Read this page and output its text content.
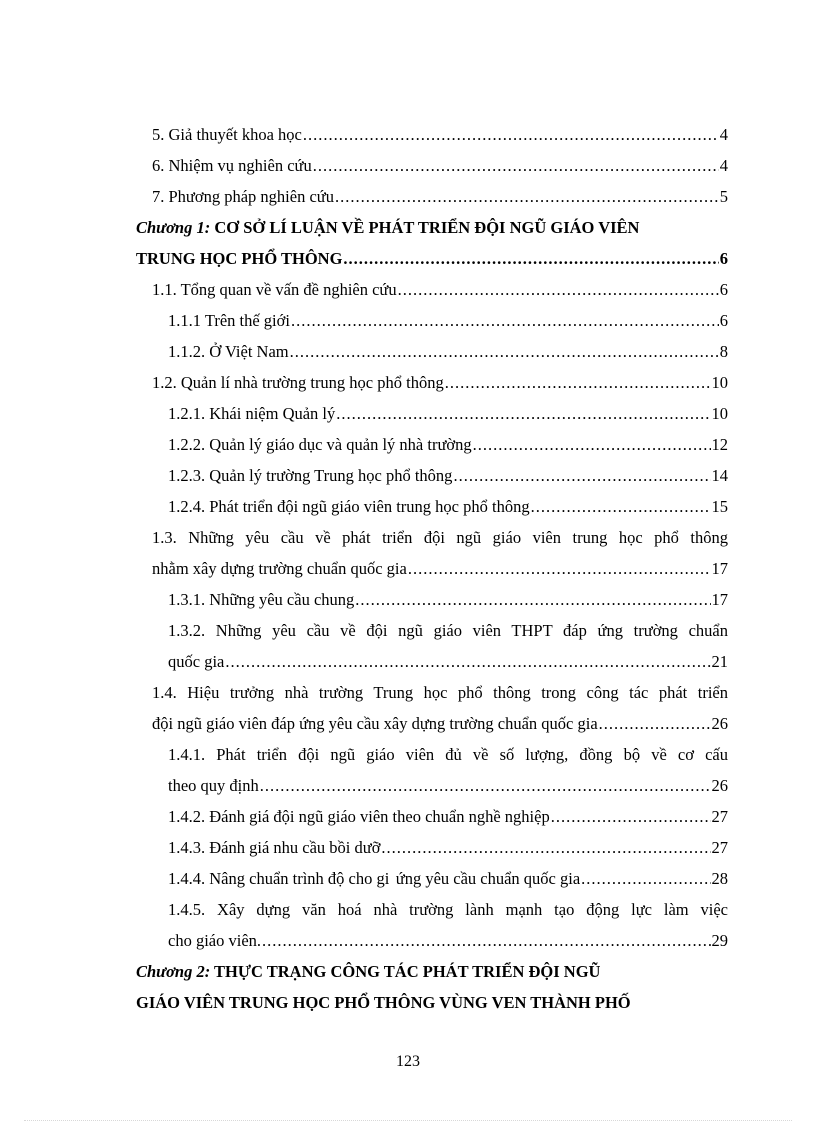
5. Giả thuyết khoa học .....	4
6. Nhiệm vụ nghiên cứu .....	4
7. Phương pháp nghiên cứu .....	5
Chương 1: CƠ SỞ LÍ LUẬN VỀ PHÁT TRIỂN ĐỘI NGŨ GIÁO VIÊN
TRUNG HỌC PHỔ THÔNG .....	6
1.1. Tổng quan về vấn đề nghiên cứu .....	6
1.1.1 Trên thế giới .....	6
1.1.2. Ở Việt Nam .....	8
1.2. Quản lí nhà trường trung học phổ thông .....	10
1.2.1. Khái niệm Quản lý .....	10
1.2.2. Quản lý giáo dục và quản lý nhà trường .....	12
1.2.3. Quản lý trường Trung học phổ thông .....	14
1.2.4. Phát triển đội ngũ giáo viên trung học phổ thông .....	15
1.3. Những yêu cầu về phát triển đội ngũ giáo viên trung học phổ thông
nhằm xây dựng trường chuẩn quốc gia .....	17
1.3.1. Những yêu cầu chung .....	17
1.3.2. Những yêu cầu về đội ngũ giáo viên THPT đáp ứng trường chuẩn
quốc gia .....	21
1.4. Hiệu trưởng nhà trường Trung học phổ thông trong công tác phát triển
đội ngũ giáo viên đáp ứng yêu cầu xây dựng trường chuẩn quốc gia .....	26
1.4.1. Phát triển đội ngũ giáo viên đủ về số lượng, đồng bộ về cơ cấu
theo quy định .....	26
1.4.2. Đánh giá đội ngũ giáo viên theo chuẩn nghề nghiệp .....	27
1.4.3. Đánh giá nhu cầu bồi dưỡ .....	27
1.4.4. Nâng chuẩn trình độ cho gi ứng yêu cầu chuẩn quốc gia .....	28
1.4.5. Xây dựng văn hoá nhà trường lành mạnh tạo động lực làm việc
cho giáo viên. .....	29
Chương 2: THỰC TRẠNG CÔNG TÁC PHÁT TRIỂN ĐỘI NGŨ
GIÁO VIÊN TRUNG HỌC PHỔ THÔNG VÙNG VEN THÀNH PHỐ
123
